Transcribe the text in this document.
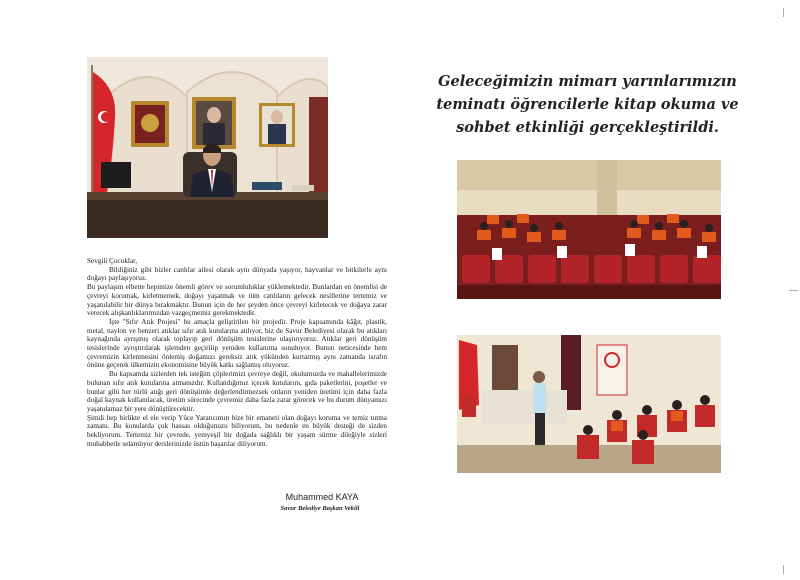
Sevgili Çocuklar,

Bildiğiniz gibi bizler canlılar ailesi olarak aynı dünyada yaşıyor, hayvanlar ve bitkilerle aynı doğayı paylaşıyoruz.

Bu paylaşım elbette hepimize önemli görev ve sorumluluklar yüklemektedir. Bunlardan en önemlisi de çevreyi korumak, kirletmemek, doğayı yaşatmak ve tüm canlıların gelecek nesillerine tertemiz ve yaşanılabilir bir dünya bırakmaktır. Bunun için de her şeyden önce çevreyi kirletecek ve doğaya zarar verecek alışkanlıklarımızdan vazgeçmemiz gerekmektedir.

İşte "Sıfır Atık Projesi" bu amaçla geliştirilen bir projedir. Proje kapsamında kâğıt, plastik, metal, naylon ve benzeri atıklar sıfır atık kutularına atılıyor, biz de Savur Belediyesi olarak bu atıkları kaynağında ayrışmış olarak toplayıp geri dönüşüm tesislerine ulaştırıyoruz. Atıklar geri dönüşüm tesislerinde ayrıştırılarak işlemden geçirilip yeniden kullanıma sunuluyor. Bunun neticesinde hem çevremizin kirlenmesini önlemiş doğamızı gereksiz atık yükünden kurtarmış aynı zamanda israfın önüne geçerek ülkemizin ekonomisine büyük katkı sağlamış oluyoruz.

Bu kapsamda sizlerden tek isteğim çöplerimizi çevreye değil, okulumuzda ve mahallelerimizde bulunan sıfır atık kutularına atmanızdır. Kullandığımız içecek kutularını, gıda paketlerini, poşetler ve bunlar gibi her türlü atığı geri dönüşümle değerlendirmezsek onların yeniden üretimi için daha fazla doğal kaynak kullanılacak, üretim sürecinde çevremiz daha fazla zarar görecek ve bu durum dünyamızı yaşanılamaz bir yere dönüştürecektir.

Şimdi hep birlikte el ele verip Yüce Yaratıcımın bize bir emaneti olan doğayı koruma ve temiz tutma zamanı. Bu konularda çok hassas olduğunuzu biliyorum, bu nedenle en büyük desteği de sizden bekliyorum. Tertemiz bir çevrede, yemyeşil bir doğada sağlıklı bir yaşam sürme dileğiyle sizleri muhabbetle selamlıyor derslerinizde üstün başarılar diliyorum.

Muhammed KAYA
Savur Belediye Başkan Vekili
Geleceğimizin mimarı yarınlarımızın teminatı öğrencilerle kitap okuma ve sohbet etkinliği gerçekleştirildi.
